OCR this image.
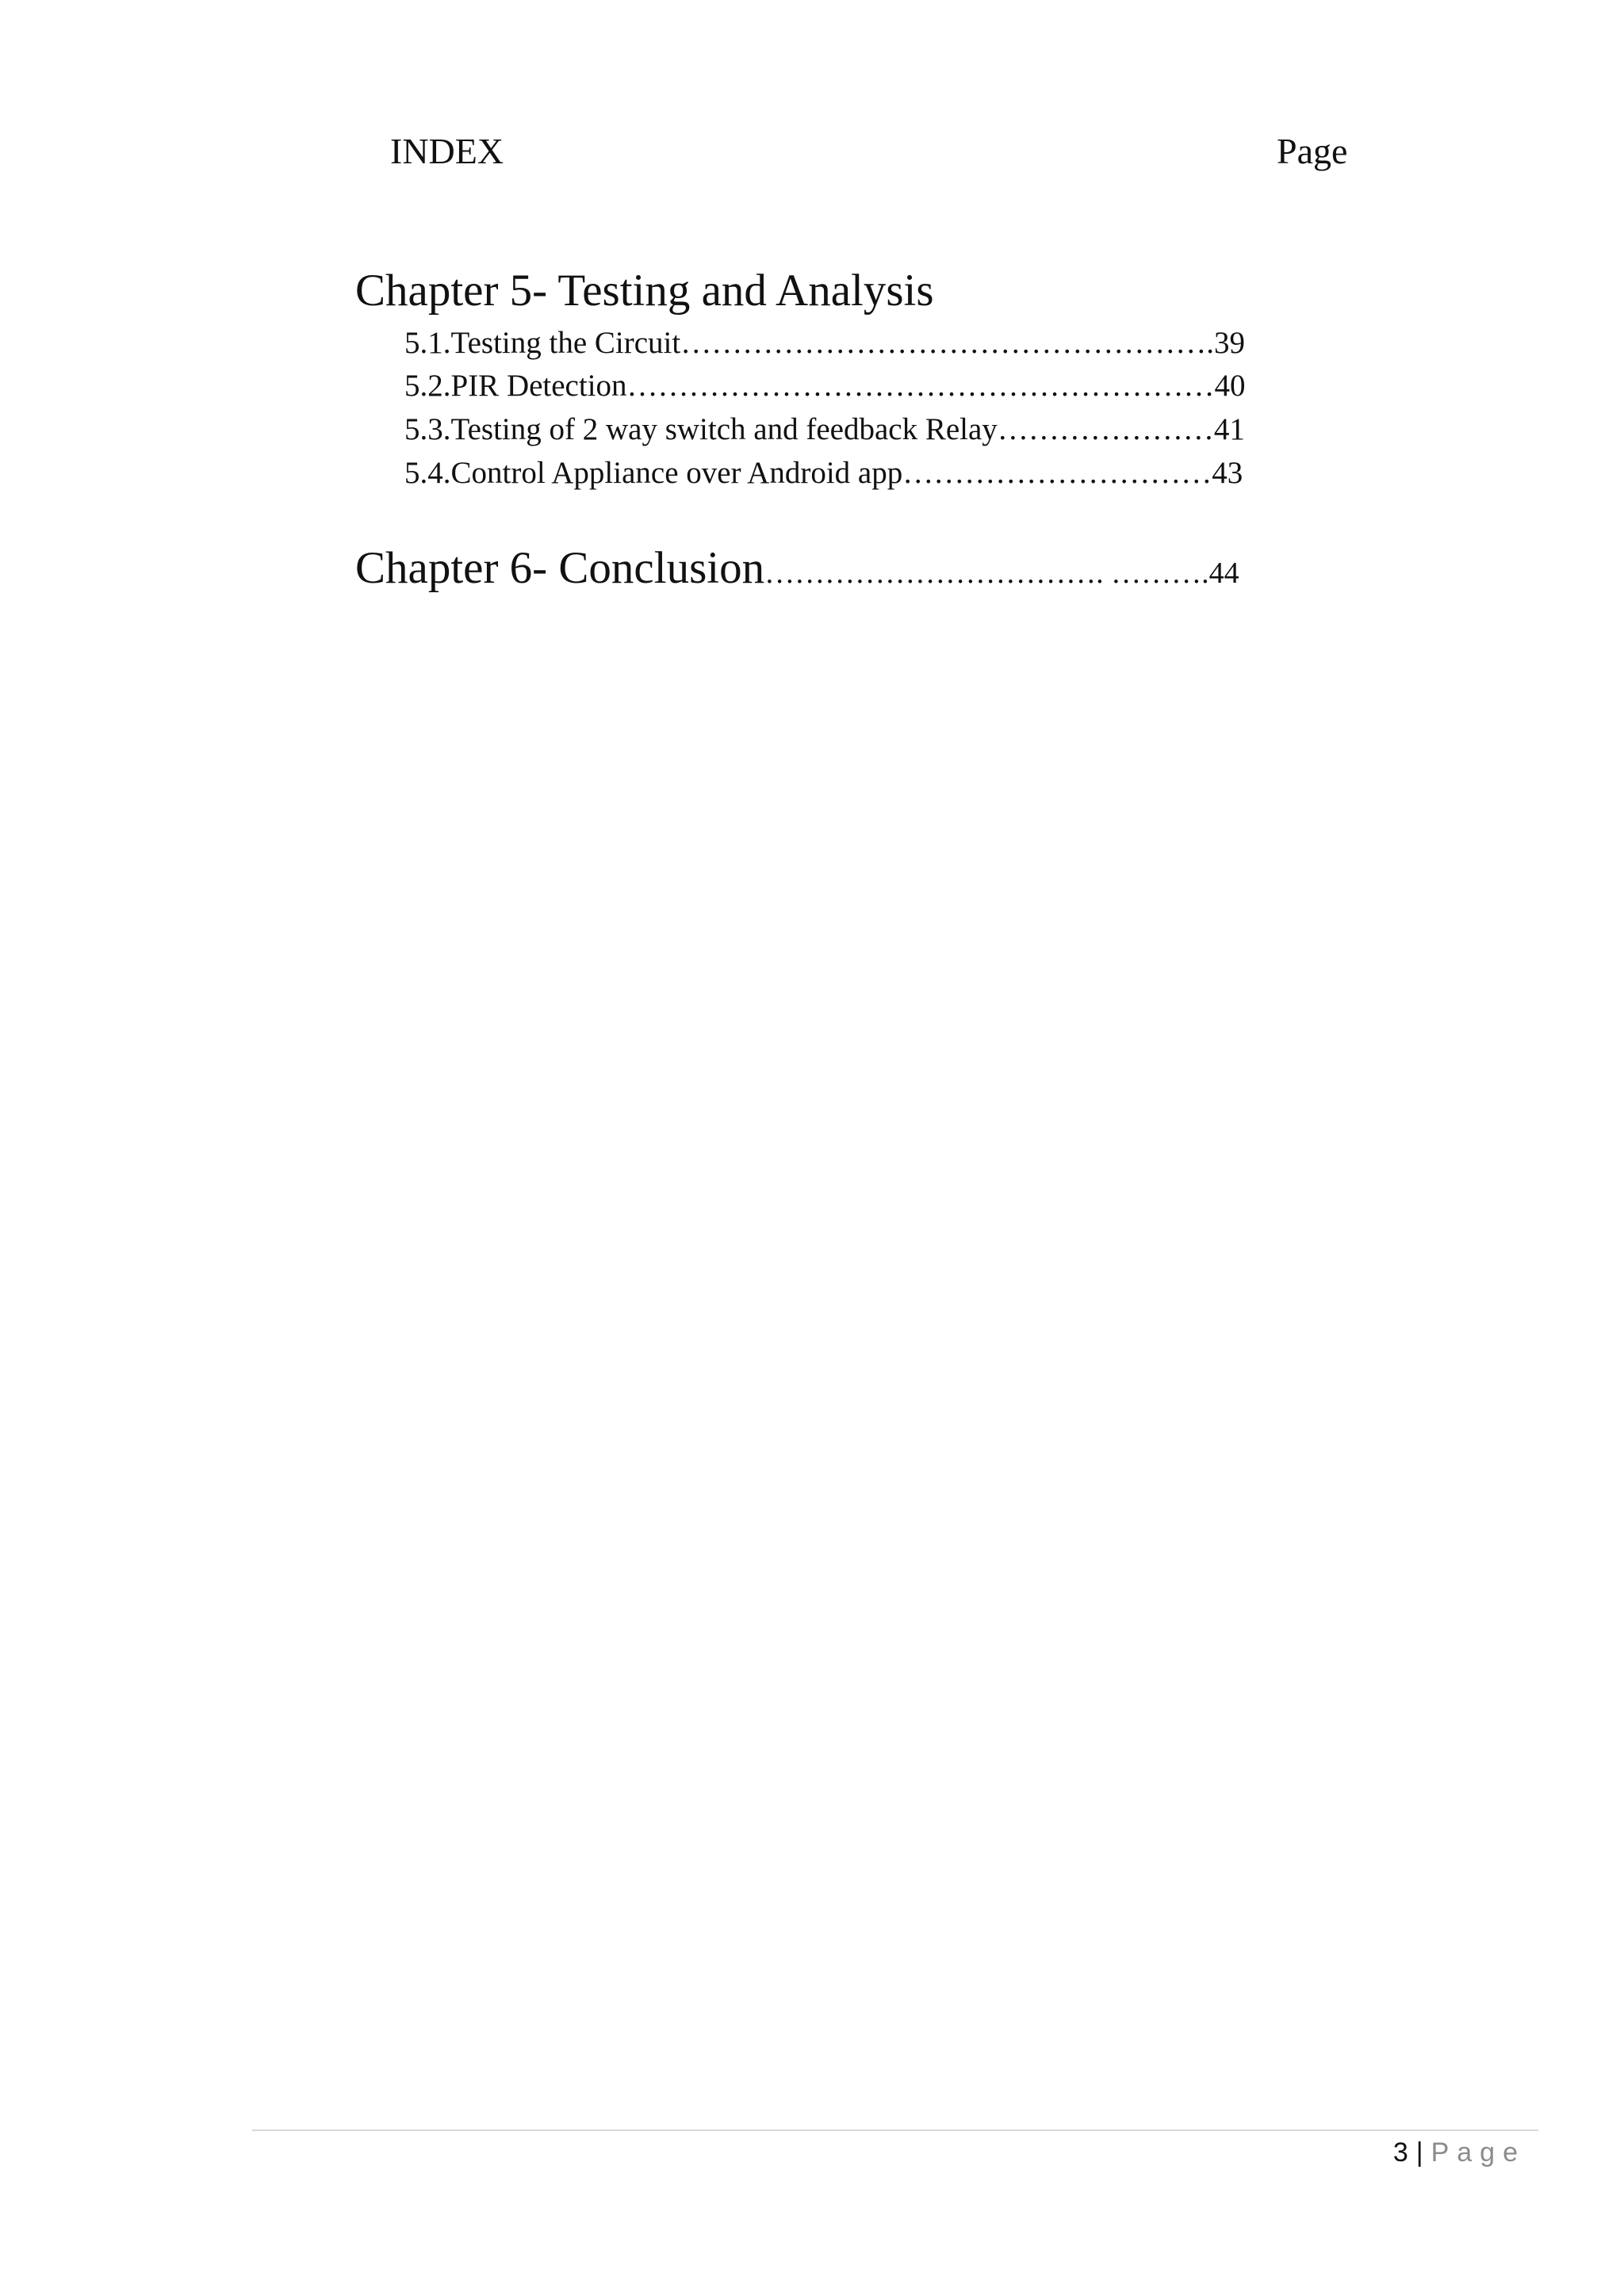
INDEX	Page
Chapter 5- Testing and Analysis
5.1.Testing the Circuit…………………………………………….39
5.2.PIR Detection…………………………………………………40
5.3.Testing of 2 way switch and feedback Relay…………………41
5.4.Control Appliance over Android app…………………………43
Chapter 6- Conclusion……………………………. ……….44
3 | Page
